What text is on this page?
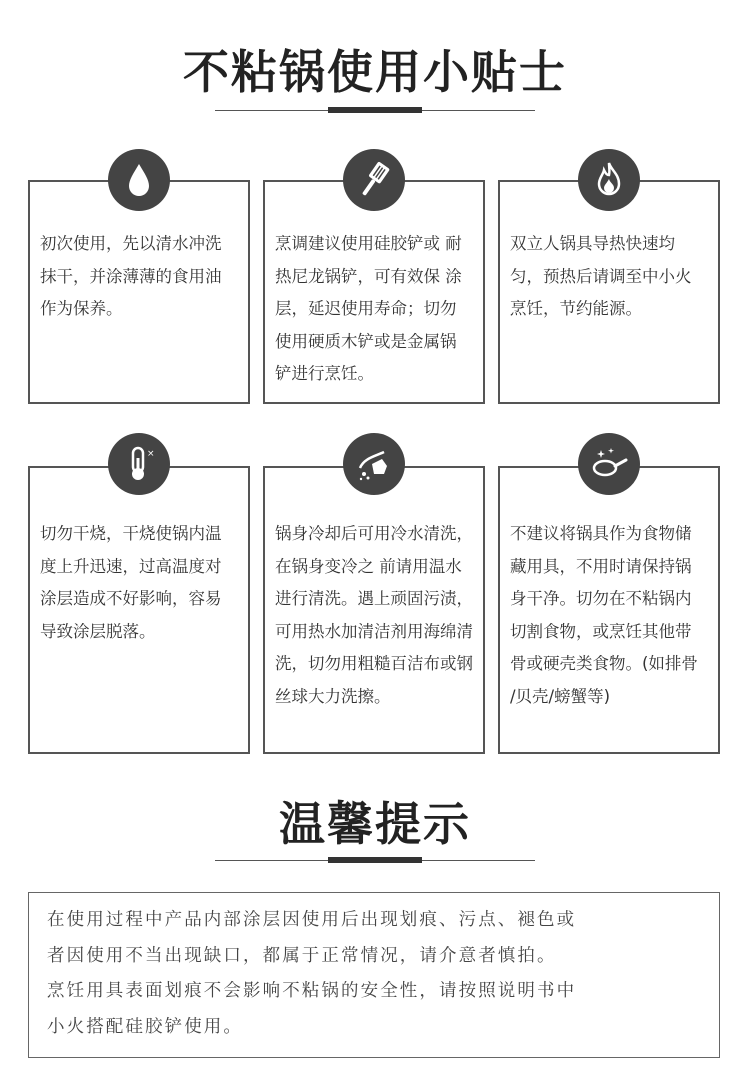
不粘锅使用小贴士
初次使用，先以清水冲洗
抹干，并涂薄薄的食用油
作为保养。
烹调建议使用硅胶铲或 耐
热尼龙锅铲，可有效保 涂
层，延迟使用寿命；切勿
使用硬质木铲或是金属锅
铲进行烹饪。
双立人锅具导热快速均
匀，预热后请调至中小火
烹饪，节约能源。
切勿干烧，干烧使锅内温
度上升迅速，过高温度对
涂层造成不好影响，容易
导致涂层脱落。
×
锅身冷却后可用冷水清洗，
在锅身变冷之 前请用温水
进行清洗。遇上顽固污渍，
可用热水加清洁剂用海绵清
洗，切勿用粗糙百洁布或钢
丝球大力洗擦。
不建议将锅具作为食物储
藏用具，不用时请保持锅
身干净。切勿在不粘锅内
切割食物，或烹饪其他带
骨或硬壳类食物。(如排骨
/贝壳/螃蟹等)
温馨提示
在使用过程中产品内部涂层因使用后出现划痕、污点、褪色或
者因使用不当出现缺口，都属于正常情况，请介意者慎拍。
烹饪用具表面划痕不会影响不粘锅的安全性，请按照说明书中
小火搭配硅胶铲使用。
